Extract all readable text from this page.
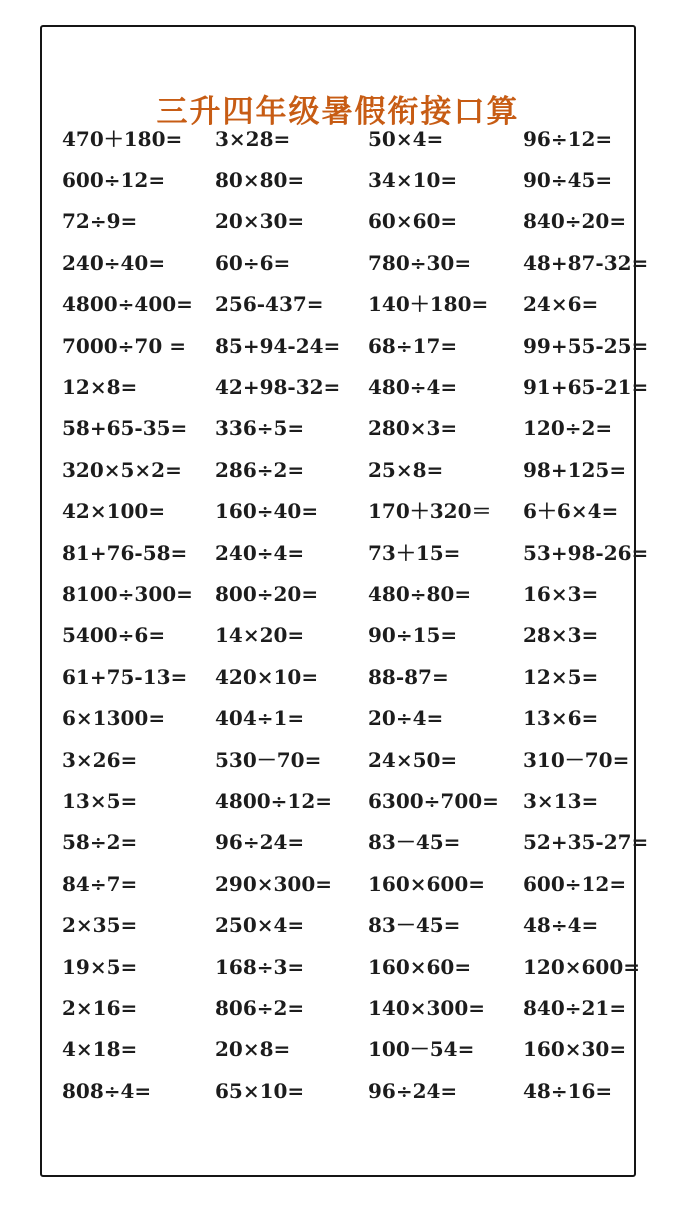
三升四年级暑假衔接口算
470＋180=	3×28=	50×4=	96÷12=
600÷12=	80×80=	34×10=	90÷45=
72÷9=	20×30=	60×60=	840÷20=
240÷40=	60÷6=	780÷30=	48+87-32=
4800÷400=	256-437=	140＋180=	24×6=
7000÷70 =	85+94-24=	68÷17=	99+55-25=
12×8=	42+98-32=	480÷4=	91+65-21=
58+65-35=	336÷5=	280×3=	120÷2=
320×5×2=	286÷2=	25×8=	98+125=
42×100=	160÷40=	170＋320＝	6＋6×4=
81+76-58=	240÷4=	73＋15=	53+98-26=
8100÷300=	800÷20=	480÷80=	16×3=
5400÷6=	14×20=	90÷15=	28×3=
61+75-13=	420×10=	88-87=	12×5=
6×1300=	404÷1=	20÷4=	13×6=
3×26=	530－70=	24×50=	310－70=
13×5=	4800÷12=	6300÷700=	3×13=
58÷2=	96÷24=	83－45=	52+35-27=
84÷7=	290×300=	160×600=	600÷12=
2×35=	250×4=	83－45=	48÷4=
19×5=	168÷3=	160×60=	120×600=
2×16=	806÷2=	140×300=	840÷21=
4×18=	20×8=	100－54=	160×30=
808÷4=	65×10=	96÷24=	48÷16=
